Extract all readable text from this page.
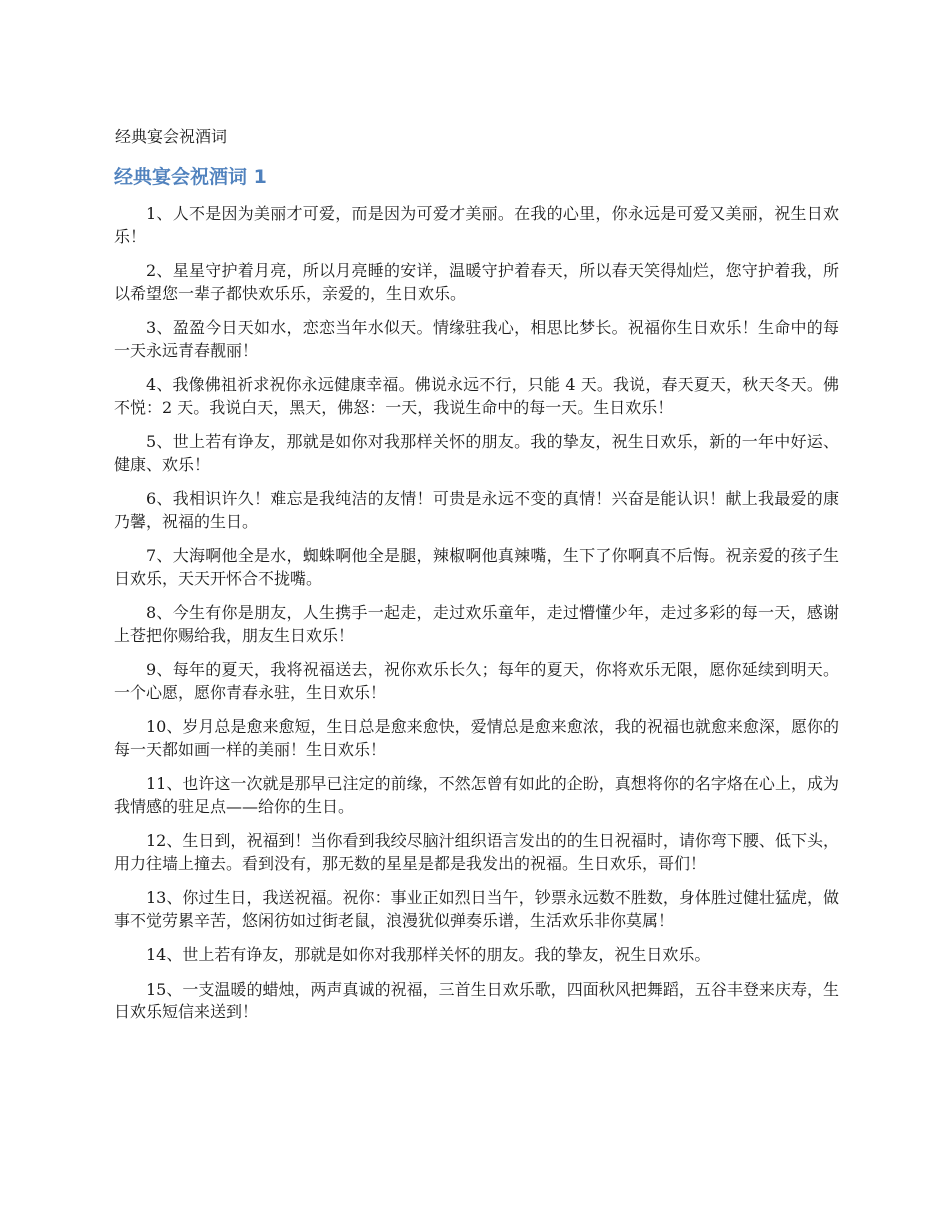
经典宴会祝酒词
经典宴会祝酒词 1

1、人不是因为美丽才可爱，而是因为可爱才美丽。在我的心里，你永远是可爱又美丽，祝生日欢乐！

2、星星守护着月亮，所以月亮睡的安详，温暖守护着春天，所以春天笑得灿烂，您守护着我，所以希望您一辈子都快欢乐乐，亲爱的，生日欢乐。

3、盈盈今日天如水，恋恋当年水似天。情缘驻我心，相思比梦长。祝福你生日欢乐！生命中的每一天永远青春靓丽！

4、我像佛祖祈求祝你永远健康幸福。佛说永远不行，只能 4 天。我说，春天夏天，秋天冬天。佛不悦：2 天。我说白天，黑天，佛怒：一天，我说生命中的每一天。生日欢乐！

5、世上若有诤友，那就是如你对我那样关怀的朋友。我的挚友，祝生日欢乐，新的一年中好运、健康、欢乐！

6、我相识许久！难忘是我纯洁的友情！可贵是永远不变的真情！兴奋是能认识！献上我最爱的康乃馨，祝福的生日。

7、大海啊他全是水，蜘蛛啊他全是腿，辣椒啊他真辣嘴，生下了你啊真不后悔。祝亲爱的孩子生日欢乐，天天开怀合不拢嘴。

8、今生有你是朋友，人生携手一起走，走过欢乐童年，走过懵懂少年，走过多彩的每一天，感谢上苍把你赐给我，朋友生日欢乐！

9、每年的夏天，我将祝福送去，祝你欢乐长久；每年的夏天，你将欢乐无限，愿你延续到明天。一个心愿，愿你青春永驻，生日欢乐！

10、岁月总是愈来愈短，生日总是愈来愈快，爱情总是愈来愈浓，我的祝福也就愈来愈深，愿你的每一天都如画一样的美丽！生日欢乐！

11、也许这一次就是那早已注定的前缘，不然怎曾有如此的企盼，真想将你的名字烙在心上，成为我情感的驻足点——给你的生日。

12、生日到，祝福到！当你看到我绞尽脑汁组织语言发出的的生日祝福时，请你弯下腰、低下头，用力往墙上撞去。看到没有，那无数的星星是都是我发出的祝福。生日欢乐，哥们！

13、你过生日，我送祝福。祝你：事业正如烈日当午，钞票永远数不胜数，身体胜过健壮猛虎，做事不觉劳累辛苦，悠闲彷如过街老鼠，浪漫犹似弹奏乐谱，生活欢乐非你莫属！

14、世上若有诤友，那就是如你对我那样关怀的朋友。我的挚友，祝生日欢乐。

15、一支温暖的蜡烛，两声真诚的祝福，三首生日欢乐歌，四面秋风把舞蹈，五谷丰登来庆寿，生日欢乐短信来送到！
